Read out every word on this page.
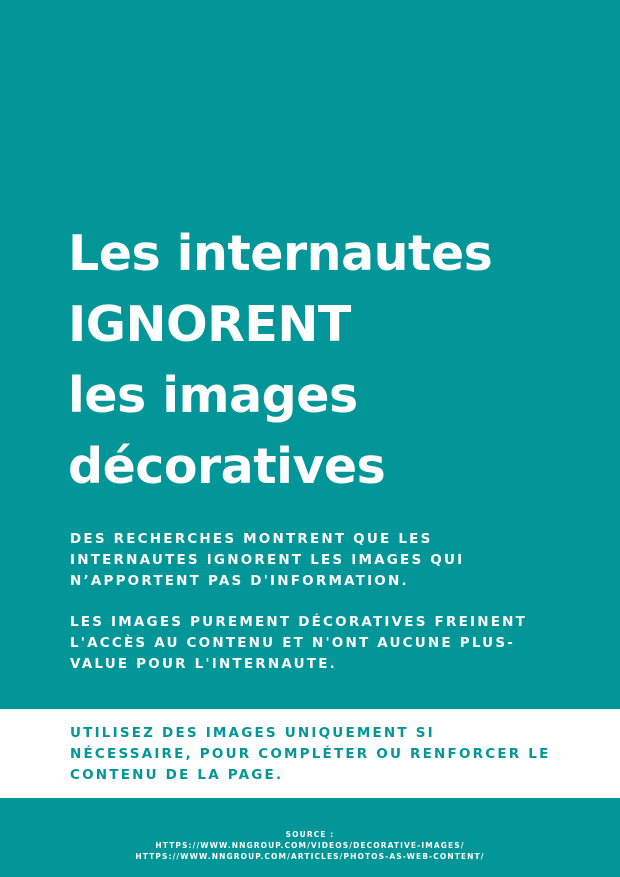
Les internautes
IGNORENT
les images
décoratives

DES RECHERCHES MONTRENT QUE LES
INTERNAUTES IGNORENT LES IMAGES QUI
N’APPORTENT PAS D'INFORMATION.

LES IMAGES PUREMENT DÉCORATIVES FREINENT
L'ACCÈS AU CONTENU ET N'ONT AUCUNE PLUS-
VALUE POUR L'INTERNAUTE.

UTILISEZ DES IMAGES UNIQUEMENT SI
NÉCESSAIRE, POUR COMPLÉTER OU RENFORCER LE
CONTENU DE LA PAGE.

SOURCE :
HTTPS://WWW.NNGROUP.COM/VIDEOS/DECORATIVE-IMAGES/
HTTPS://WWW.NNGROUP.COM/ARTICLES/PHOTOS-AS-WEB-CONTENT/
